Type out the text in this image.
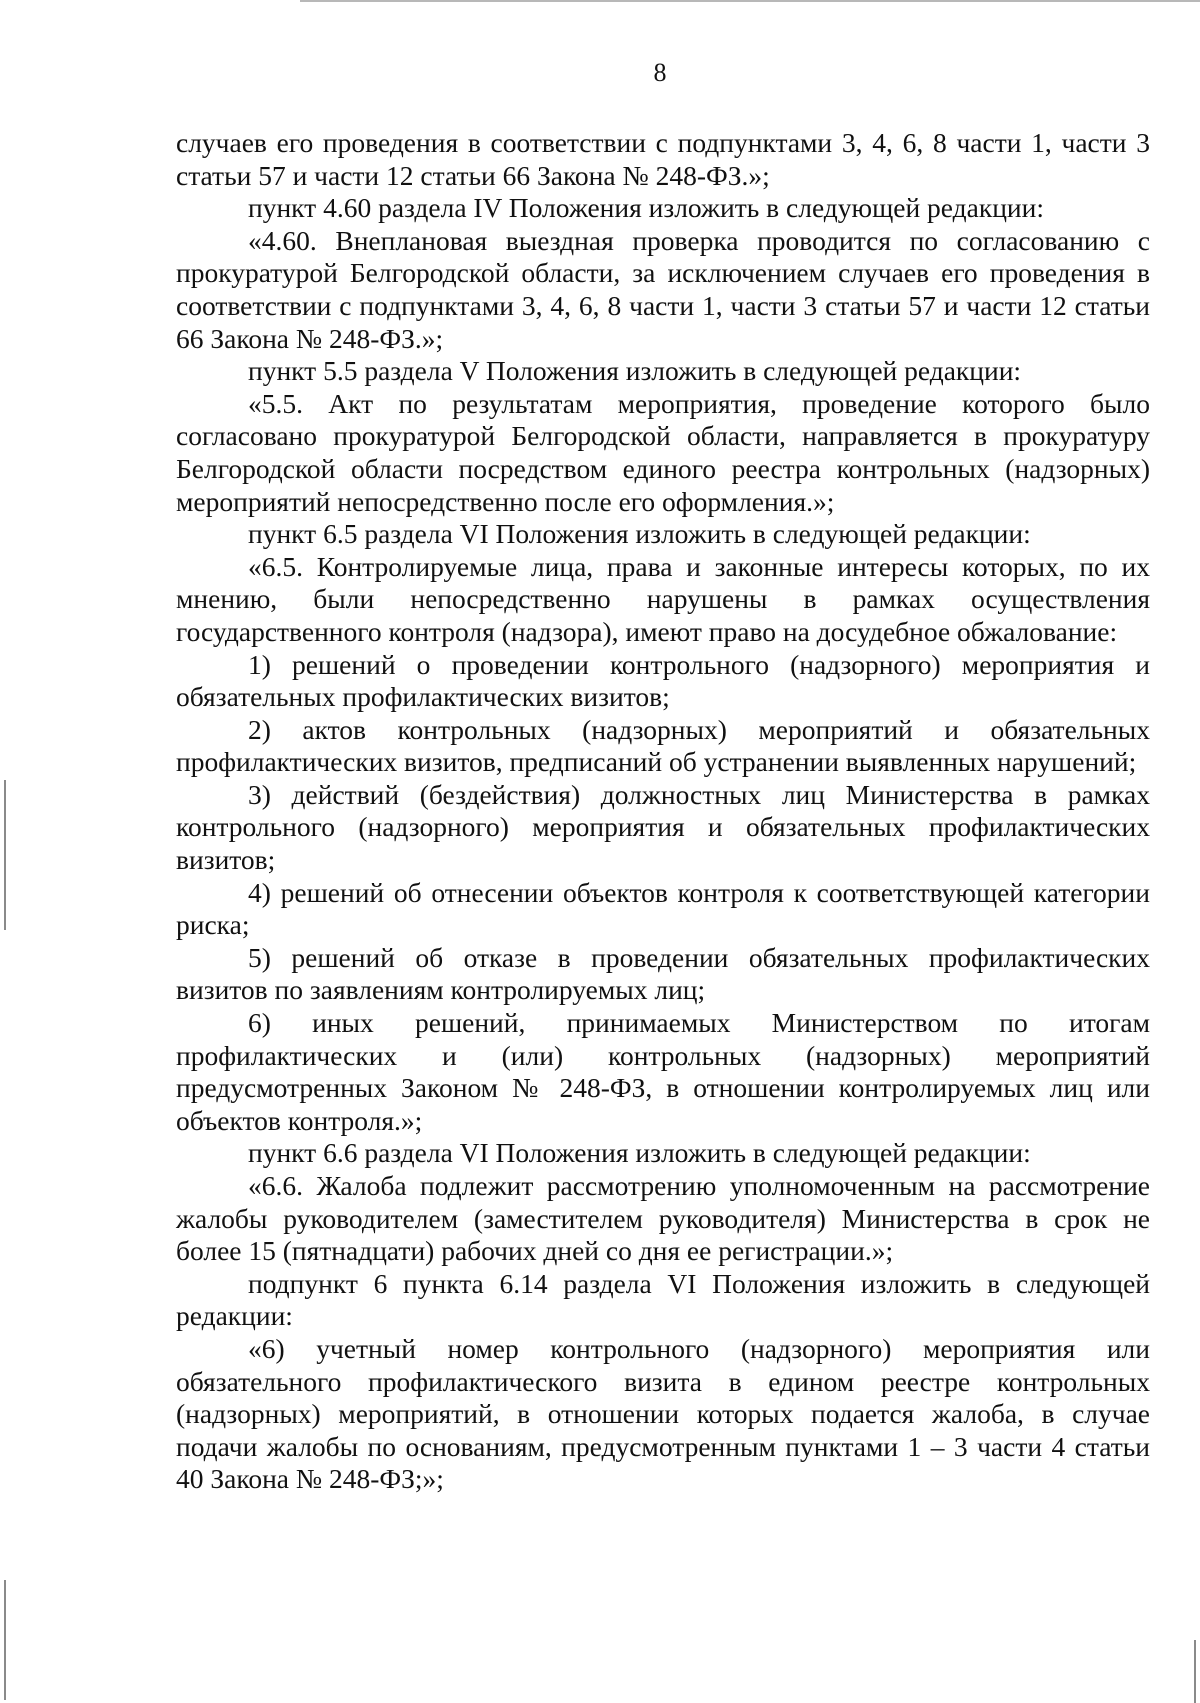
8

случаев его проведения в соответствии с подпунктами 3, 4, 6, 8 части 1, части 3 статьи 57 и части 12 статьи 66 Закона № 248-ФЗ.»;

пункт 4.60 раздела IV Положения изложить в следующей редакции:

«4.60. Внеплановая выездная проверка проводится по согласованию с прокуратурой Белгородской области, за исключением случаев его проведения в соответствии с подпунктами 3, 4, 6, 8 части 1, части 3 статьи 57 и части 12 статьи 66 Закона № 248-ФЗ.»;

пункт 5.5 раздела V Положения изложить в следующей редакции:

«5.5. Акт по результатам мероприятия, проведение которого было согласовано прокуратурой Белгородской области, направляется в прокуратуру Белгородской области посредством единого реестра контрольных (надзорных) мероприятий непосредственно после его оформления.»;

пункт 6.5 раздела VI Положения изложить в следующей редакции:

«6.5. Контролируемые лица, права и законные интересы которых, по их мнению, были непосредственно нарушены в рамках осуществления государственного контроля (надзора), имеют право на досудебное обжалование:

1) решений о проведении контрольного (надзорного) мероприятия и обязательных профилактических визитов;

2) актов контрольных (надзорных) мероприятий и обязательных профилактических визитов, предписаний об устранении выявленных нарушений;

3) действий (бездействия) должностных лиц Министерства в рамках контрольного (надзорного) мероприятия и обязательных профилактических визитов;

4) решений об отнесении объектов контроля к соответствующей категории риска;

5) решений об отказе в проведении обязательных профилактических визитов по заявлениям контролируемых лиц;

6) иных решений, принимаемых Министерством по итогам профилактических и (или) контрольных (надзорных) мероприятий предусмотренных Законом № 248-ФЗ, в отношении контролируемых лиц или объектов контроля.»;

пункт 6.6 раздела VI Положения изложить в следующей редакции:

«6.6. Жалоба подлежит рассмотрению уполномоченным на рассмотрение жалобы руководителем (заместителем руководителя) Министерства в срок не более 15 (пятнадцати) рабочих дней со дня ее регистрации.»;

подпункт 6 пункта 6.14 раздела VI Положения изложить в следующей редакции:

«6) учетный номер контрольного (надзорного) мероприятия или обязательного профилактического визита в едином реестре контрольных (надзорных) мероприятий, в отношении которых подается жалоба, в случае подачи жалобы по основаниям, предусмотренным пунктами 1 – 3 части 4 статьи 40 Закона № 248-ФЗ;»;
